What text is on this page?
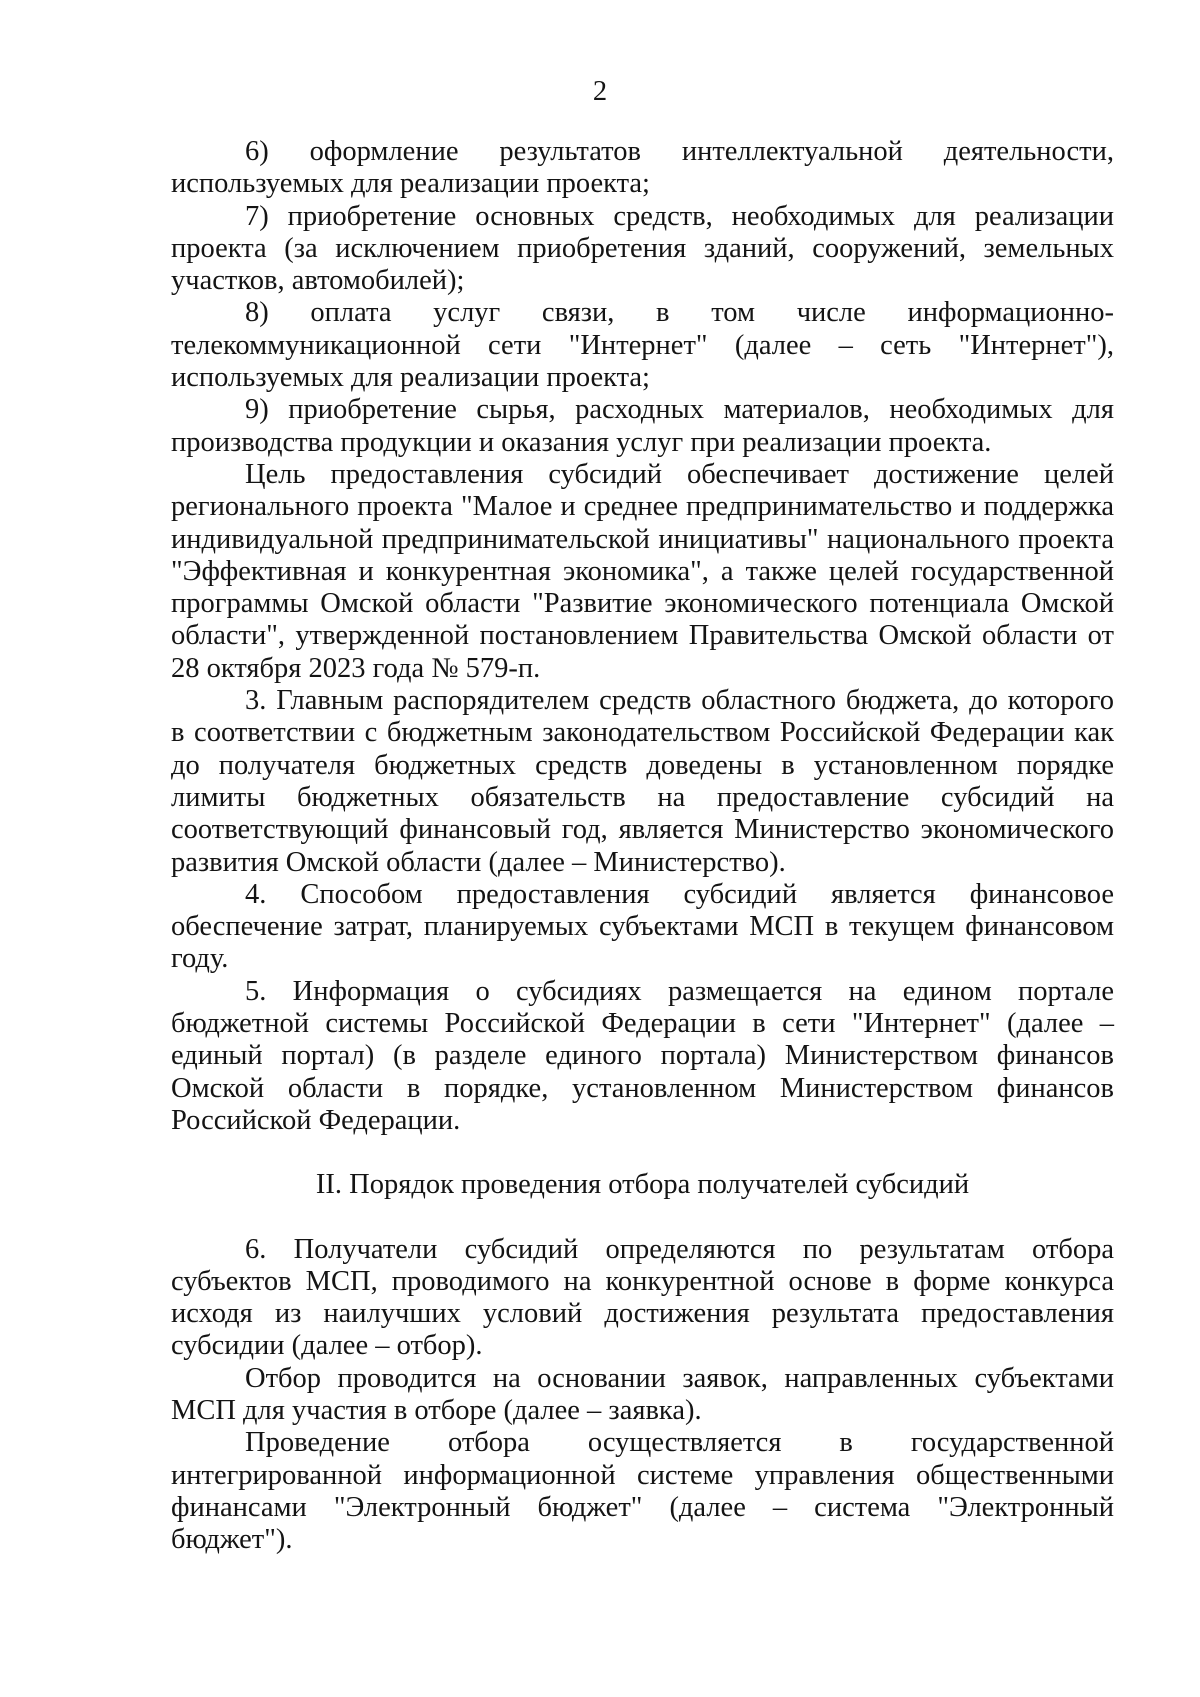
2

6) оформление результатов интеллектуальной деятельности, используемых для реализации проекта;

7) приобретение основных средств, необходимых для реализации проекта (за исключением приобретения зданий, сооружений, земельных участков, автомобилей);

8) оплата услуг связи, в том числе информационно-телекоммуникационной сети "Интернет" (далее – сеть "Интернет"), используемых для реализации проекта;

9) приобретение сырья, расходных материалов, необходимых для производства продукции и оказания услуг при реализации проекта.

Цель предоставления субсидий обеспечивает достижение целей регионального проекта "Малое и среднее предпринимательство и поддержка индивидуальной предпринимательской инициативы" национального проекта "Эффективная и конкурентная экономика", а также целей государственной программы Омской области "Развитие экономического потенциала Омской области", утвержденной постановлением Правительства Омской области от 28 октября 2023 года № 579-п.

3. Главным распорядителем средств областного бюджета, до которого в соответствии с бюджетным законодательством Российской Федерации как до получателя бюджетных средств доведены в установленном порядке лимиты бюджетных обязательств на предоставление субсидий на соответствующий финансовый год, является Министерство экономического развития Омской области (далее – Министерство).

4. Способом предоставления субсидий является финансовое обеспечение затрат, планируемых субъектами МСП в текущем финансовом году.

5. Информация о субсидиях размещается на едином портале бюджетной системы Российской Федерации в сети "Интернет" (далее – единый портал) (в разделе единого портала) Министерством финансов Омской области в порядке, установленном Министерством финансов Российской Федерации.

II. Порядок проведения отбора получателей субсидий

6. Получатели субсидий определяются по результатам отбора субъектов МСП, проводимого на конкурентной основе в форме конкурса исходя из наилучших условий достижения результата предоставления субсидии (далее – отбор).

Отбор проводится на основании заявок, направленных субъектами МСП для участия в отборе (далее – заявка).

Проведение отбора осуществляется в государственной интегрированной информационной системе управления общественными финансами "Электронный бюджет" (далее – система "Электронный бюджет").
